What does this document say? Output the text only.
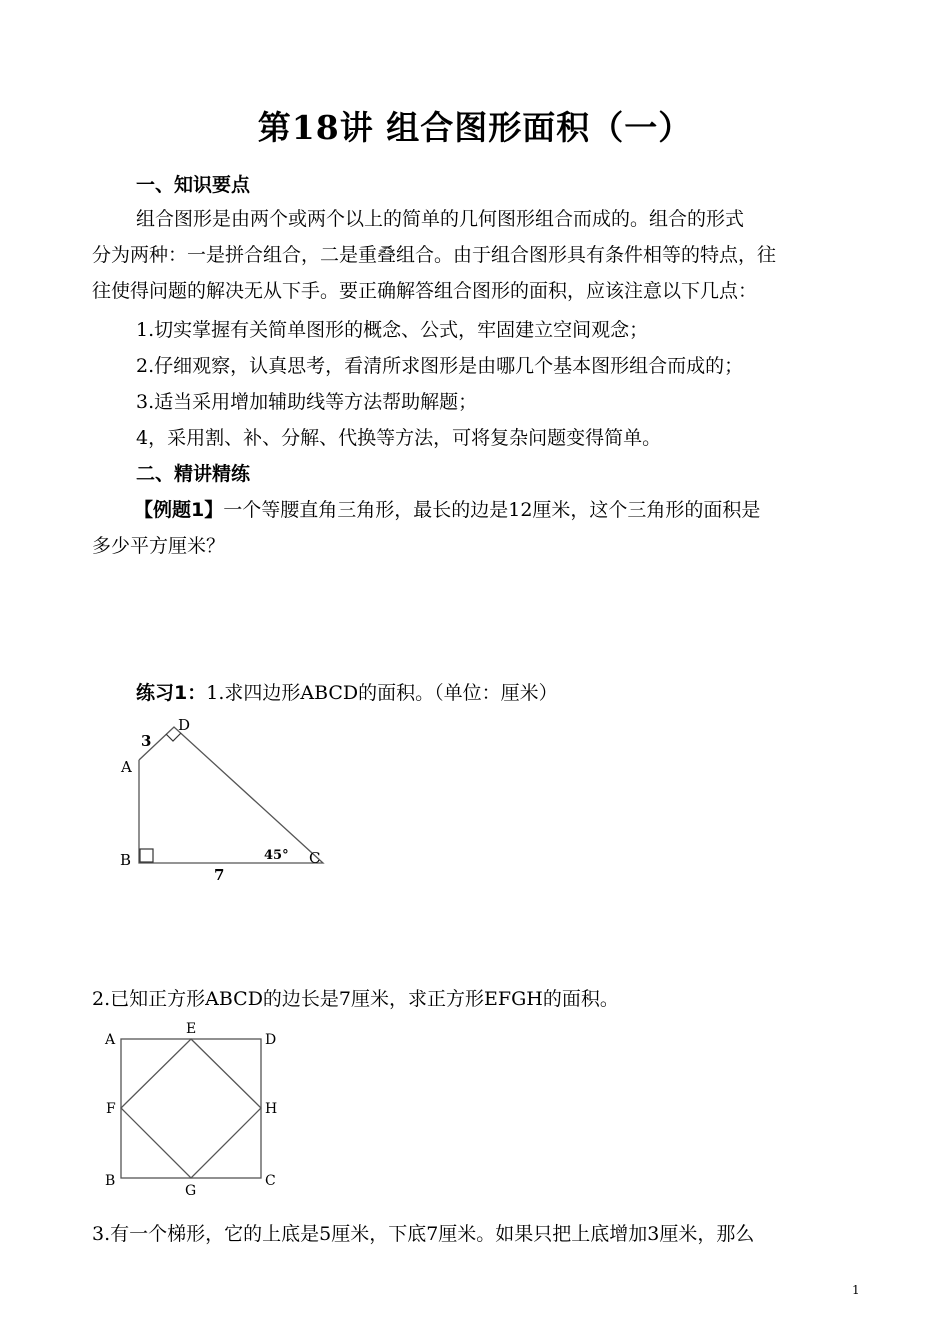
第18讲 组合图形面积（一）
一、知识要点
组合图形是由两个或两个以上的简单的几何图形组合而成的。组合的形式
分为两种：一是拼合组合，二是重叠组合。由于组合图形具有条件相等的特点，往
往使得问题的解决无从下手。要正确解答组合图形的面积，应该注意以下几点：
1.切实掌握有关简单图形的概念、公式，牢固建立空间观念；
2.仔细观察，认真思考，看清所求图形是由哪几个基本图形组合而成的；
3.适当采用增加辅助线等方法帮助解题；
4，采用割、补、分解、代换等方法，可将复杂问题变得简单。
二、精讲精练
【例题1】一个等腰直角三角形，最长的边是12厘米，这个三角形的面积是
多少平方厘米？
练习1：1.求四边形ABCD的面积。（单位：厘米）
A
B	C
D
3
7
45°
2.已知正方形ABCD的边长是7厘米，求正方形EFGH的面积。
A
B	C
D
E
F
G
H
3.有一个梯形，它的上底是5厘米，下底7厘米。如果只把上底增加3厘米，那么
1
